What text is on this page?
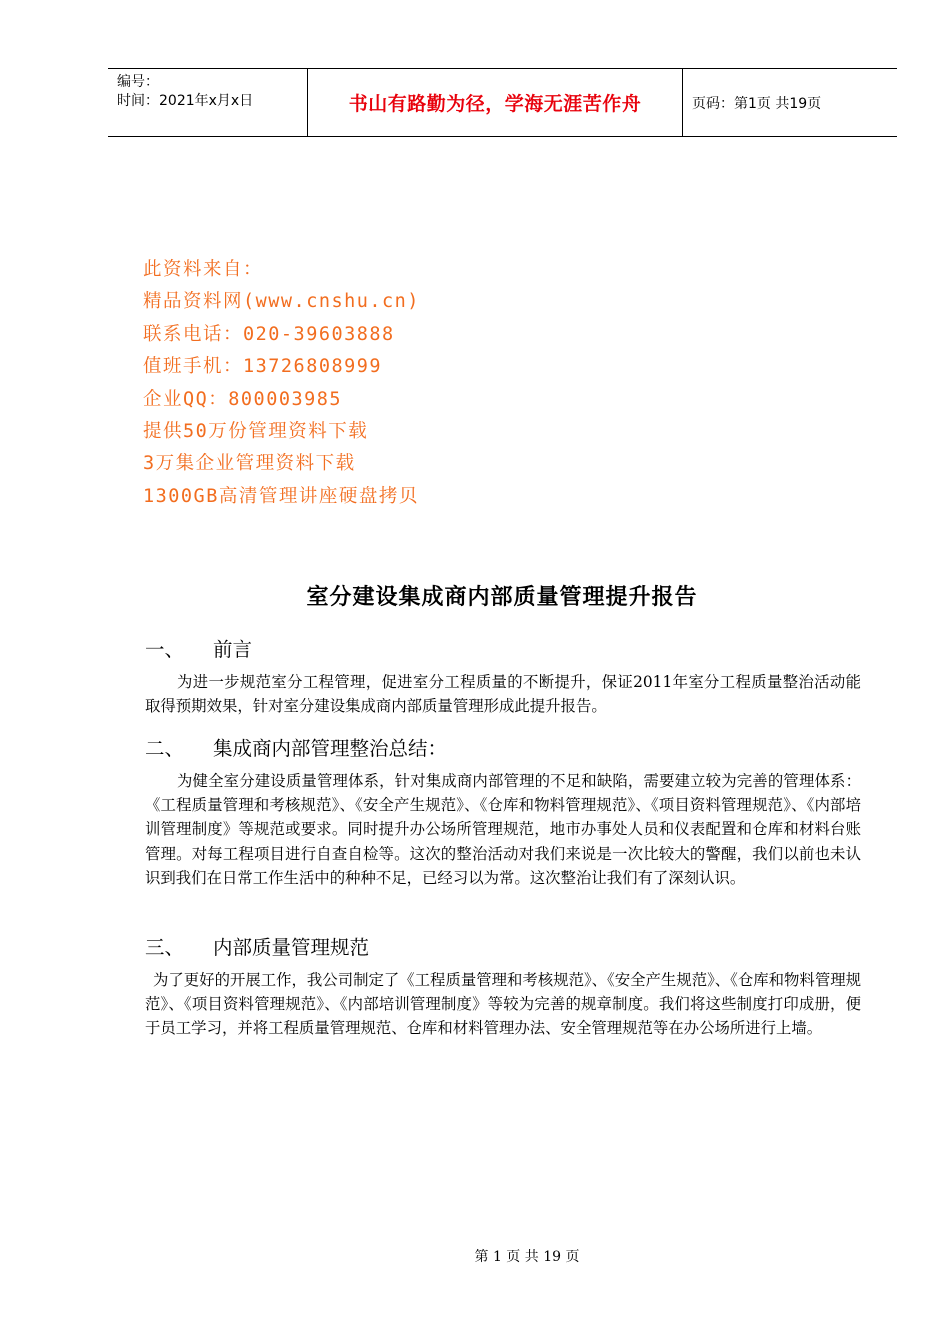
编号：
时间：2021年x月x日	书山有路勤为径，学海无涯苦作舟	页码：第1页 共19页
此资料来自：
精品资料网(www.cnshu.cn)
联系电话：020-39603888
值班手机：13726808999
企业QQ：800003985
提供50万份管理资料下载
3万集企业管理资料下载
1300GB高清管理讲座硬盘拷贝
室分建设集成商内部质量管理提升报告
一、 前言
为进一步规范室分工程管理，促进室分工程质量的不断提升，保证2011年室分工程质量整治活动能取得预期效果，针对室分建设集成商内部质量管理形成此提升报告。
二、 集成商内部管理整治总结：
为健全室分建设质量管理体系，针对集成商内部管理的不足和缺陷，需要建立较为完善的管理体系：《工程质量管理和考核规范》、《安全产生规范》、《仓库和物料管理规范》、《项目资料管理规范》、《内部培训管理制度》等规范或要求。同时提升办公场所管理规范，地市办事处人员和仪表配置和仓库和材料台账管理。对每工程项目进行自查自检等。这次的整治活动对我们来说是一次比较大的警醒，我们以前也未认识到我们在日常工作生活中的种种不足，已经习以为常。这次整治让我们有了深刻认识。
三、 内部质量管理规范
为了更好的开展工作，我公司制定了《工程质量管理和考核规范》、《安全产生规范》、《仓库和物料管理规范》、《项目资料管理规范》、《内部培训管理制度》等较为完善的规章制度。我们将这些制度打印成册，便于员工学习，并将工程质量管理规范、仓库和材料管理办法、安全管理规范等在办公场所进行上墙。
第 1 页 共 19 页
